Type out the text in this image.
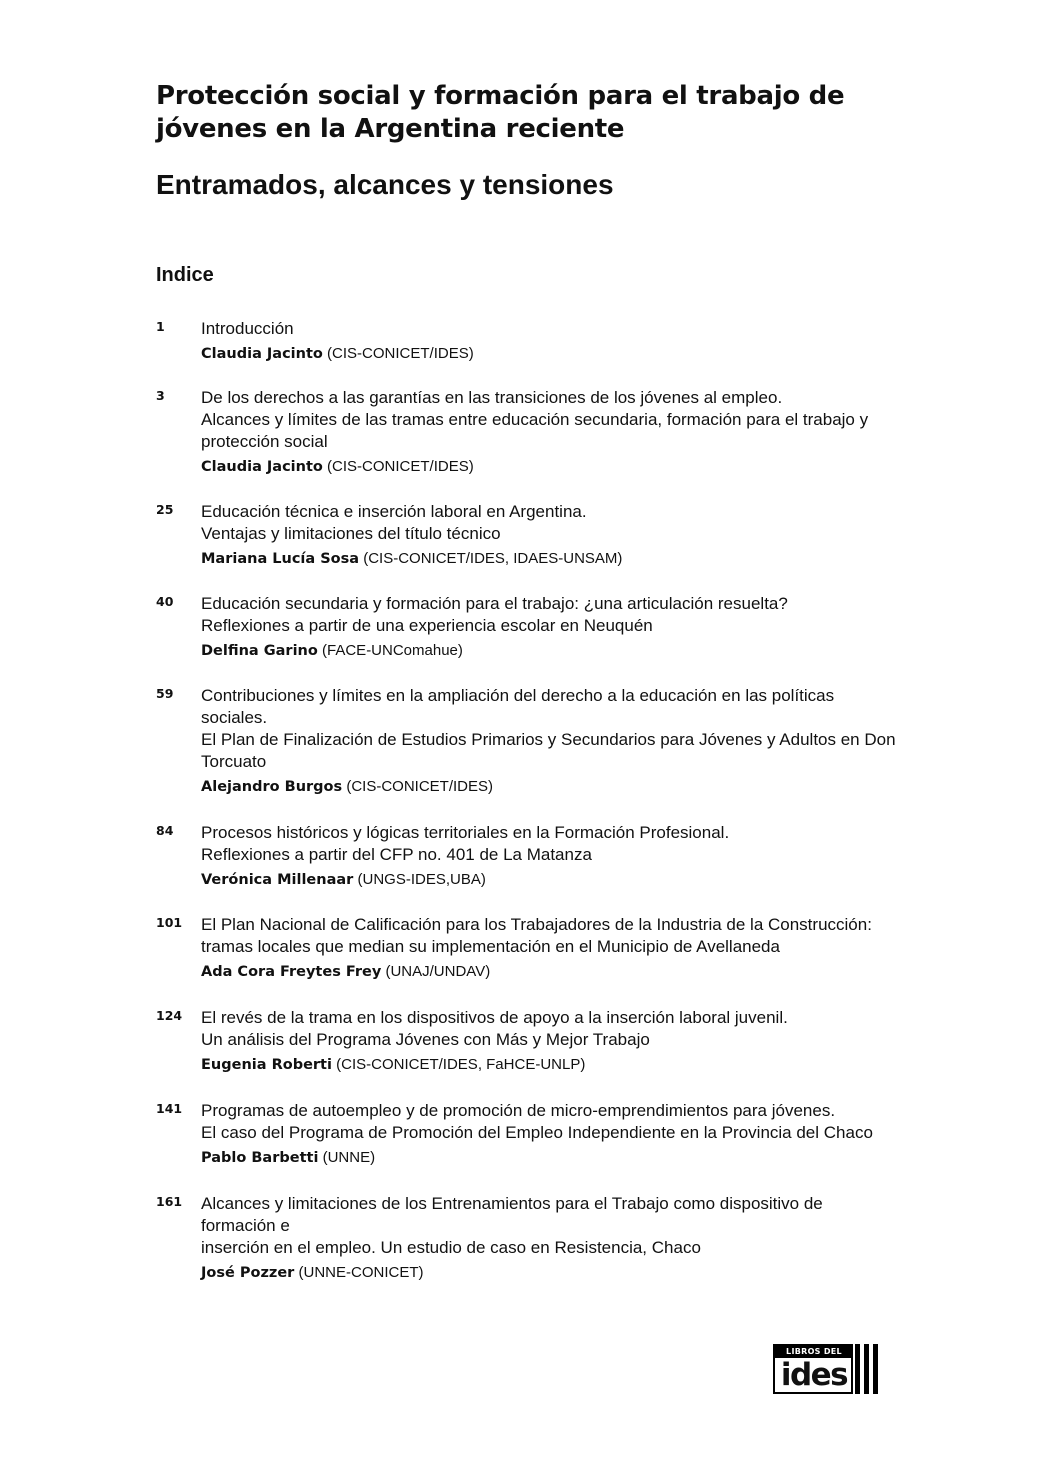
Protección social y formación para el trabajo de
jóvenes en la Argentina reciente
Entramados, alcances y tensiones
Indice
1 Introducción
Claudia Jacinto (CIS-CONICET/IDES)
3 De los derechos a las garantías en las transiciones de los jóvenes al empleo.
Alcances y límites de las tramas entre educación secundaria, formación para el trabajo y
protección social
Claudia Jacinto (CIS-CONICET/IDES)
25 Educación técnica e inserción laboral en Argentina.
Ventajas y limitaciones del título técnico
Mariana Lucía Sosa (CIS-CONICET/IDES, IDAES-UNSAM)
40 Educación secundaria y formación para el trabajo: ¿una articulación resuelta?
Reflexiones a partir de una experiencia escolar en Neuquén
Delfina Garino (FACE-UNComahue)
59 Contribuciones y límites en la ampliación del derecho a la educación en las políticas sociales.
El Plan de Finalización de Estudios Primarios y Secundarios para Jóvenes y Adultos en Don
Torcuato
Alejandro Burgos (CIS-CONICET/IDES)
84 Procesos históricos y lógicas territoriales en la Formación Profesional.
Reflexiones a partir del CFP no. 401 de La Matanza
Verónica Millenaar (UNGS-IDES,UBA)
101 El Plan Nacional de Calificación para los Trabajadores de la Industria de la Construcción:
tramas locales que median su implementación en el Municipio de Avellaneda
Ada Cora Freytes Frey (UNAJ/UNDAV)
124 El revés de la trama en los dispositivos de apoyo a la inserción laboral juvenil.
Un análisis del Programa Jóvenes con Más y Mejor Trabajo
Eugenia Roberti (CIS-CONICET/IDES, FaHCE-UNLP)
141 Programas de autoempleo y de promoción de micro-emprendimientos para jóvenes.
El caso del Programa de Promoción del Empleo Independiente en la Provincia del Chaco
Pablo Barbetti (UNNE)
161 Alcances y limitaciones de los Entrenamientos para el Trabajo como dispositivo de formación e
inserción en el empleo. Un estudio de caso en Resistencia, Chaco
José Pozzer (UNNE-CONICET)
LIBROS DEL
ides
